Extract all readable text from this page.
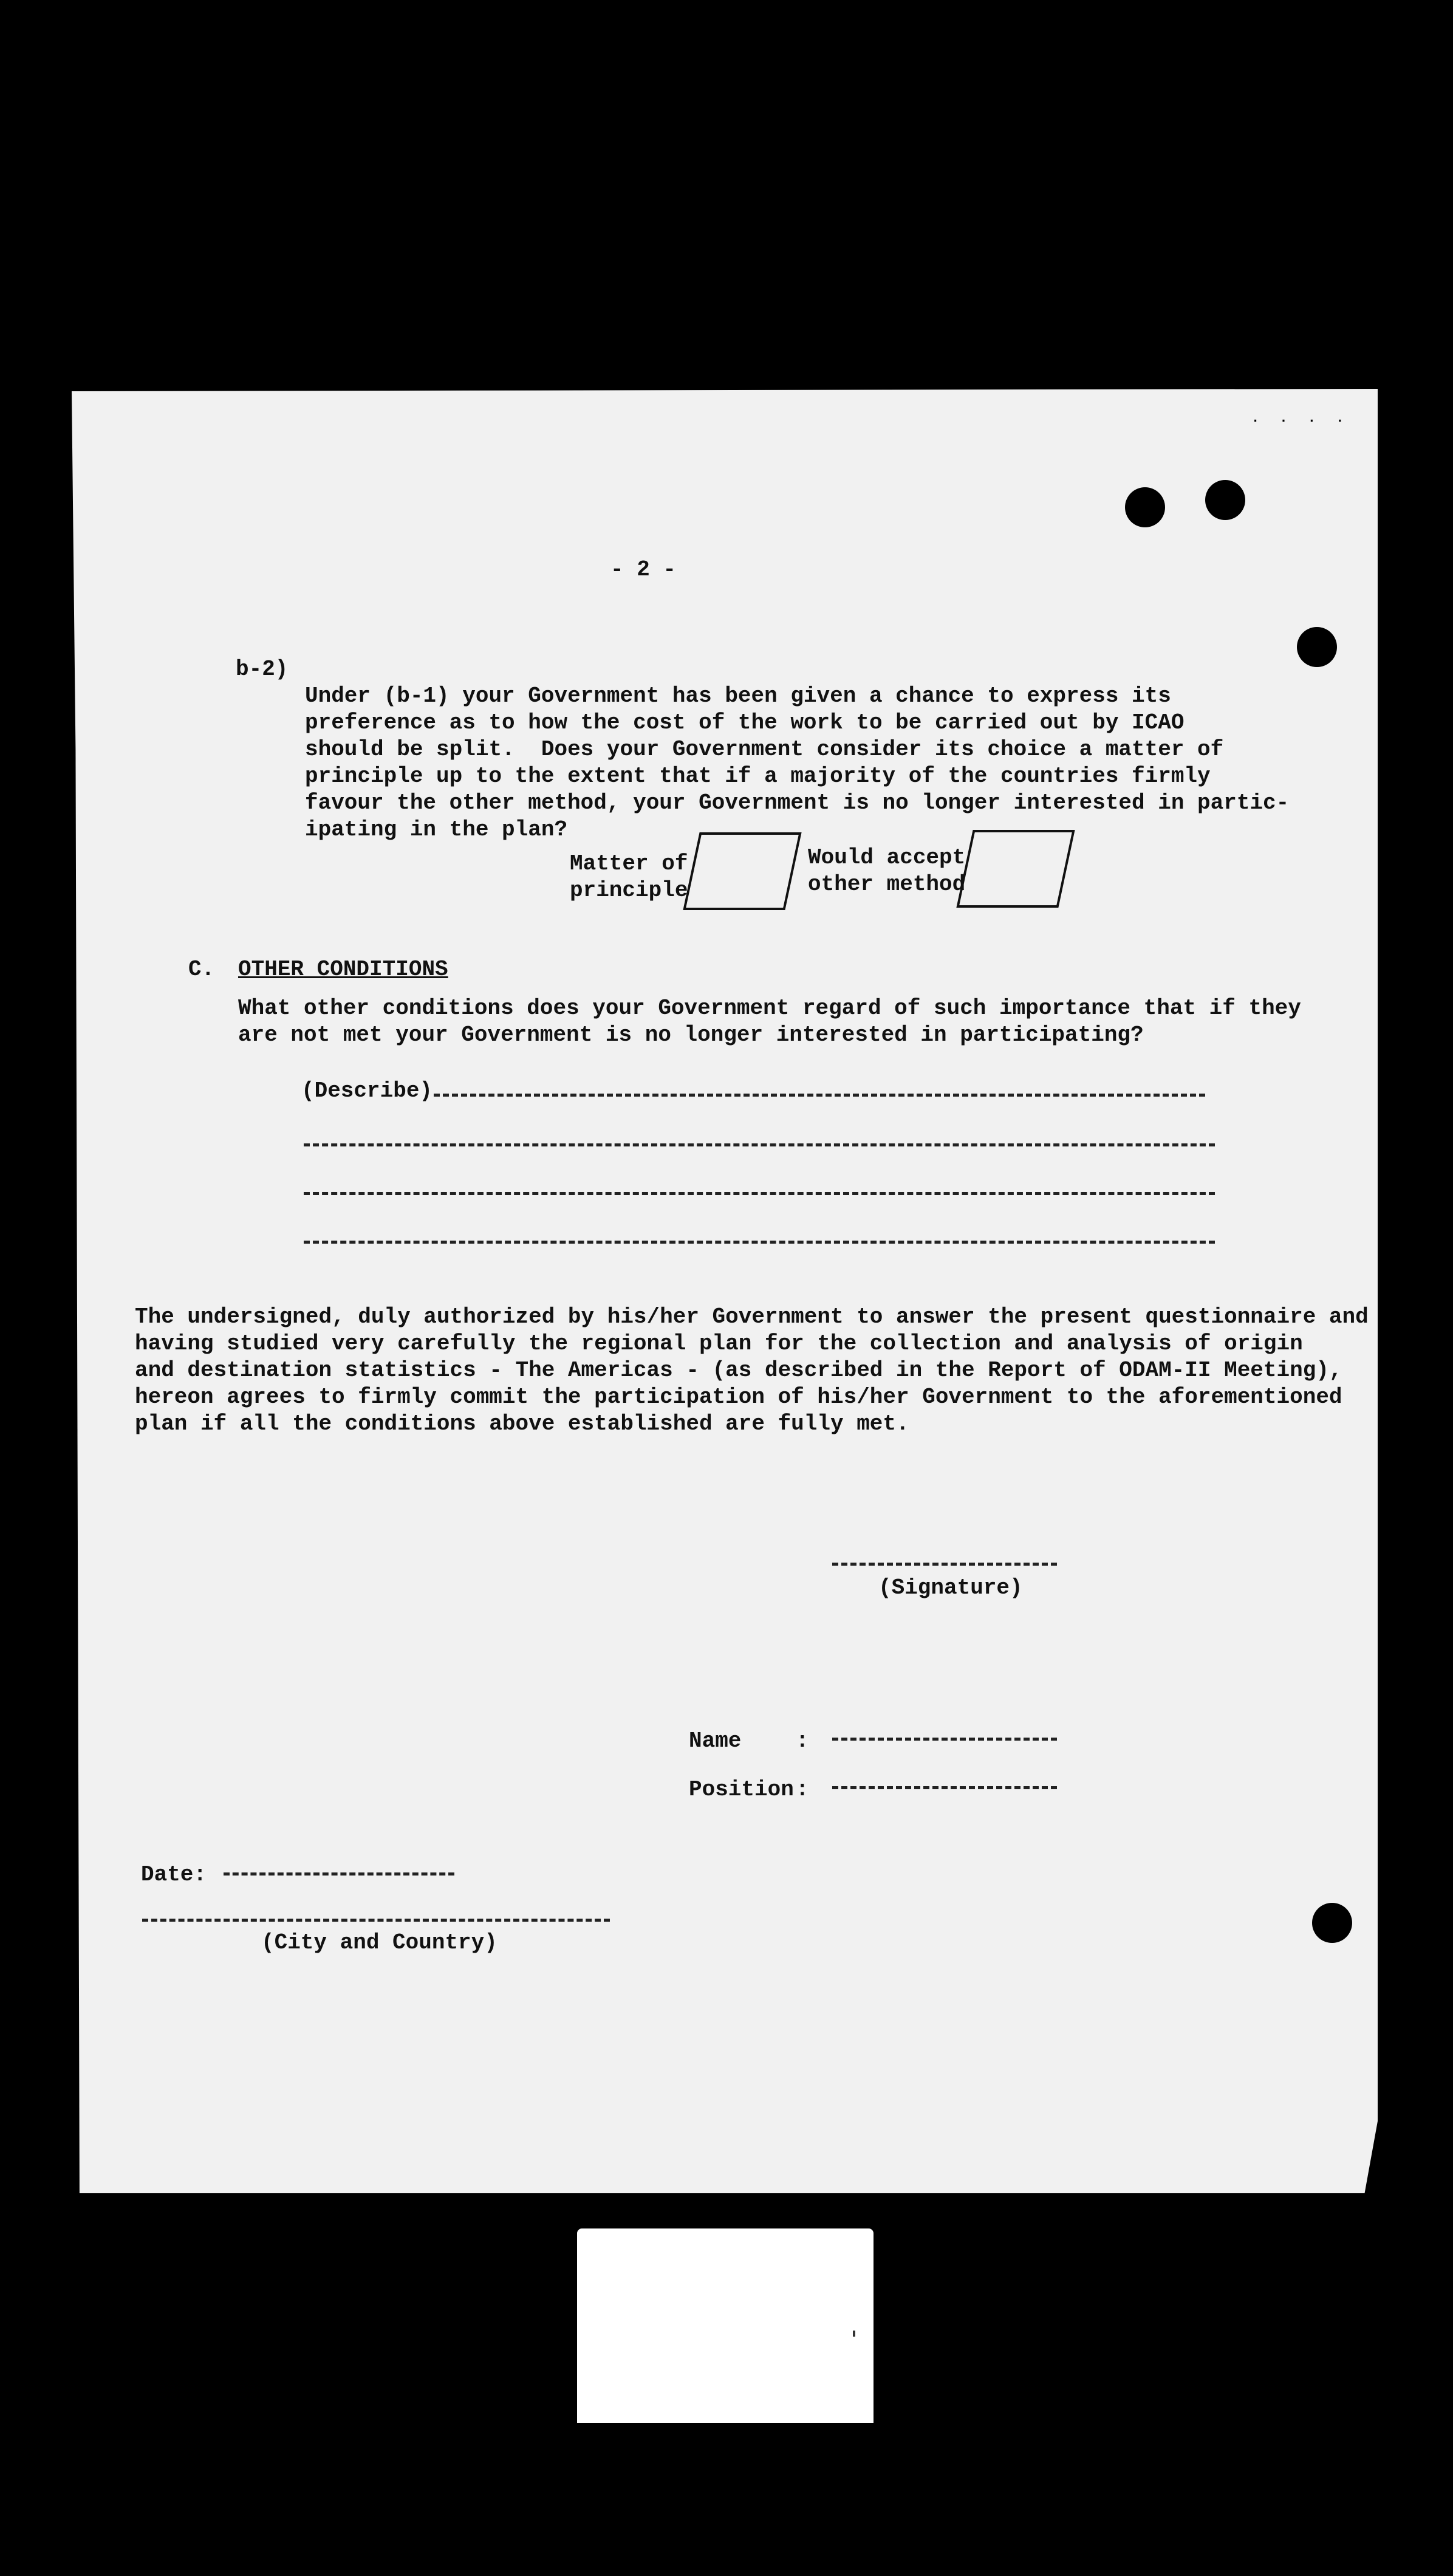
. . . .
- 2 -
b-2)

Under (b-1) your Government has been given a chance to express its
preference as to how the cost of the work to be carried out by ICAO
should be split.  Does your Government consider its choice a matter of
principle up to the extent that if a majority of the countries firmly
favour the other method, your Government is no longer interested in partic-
ipating in the plan?

Matter of
principle
Would accept
other method
C. OTHER CONDITIONS
What other conditions does your Government regard of such importance that if they
are not met your Government is no longer interested in participating?
(Describe)
The undersigned, duly authorized by his/her Government to answer the present questionnaire and
having studied very carefully the regional plan for the collection and analysis of origin
and destination statistics - The Americas - (as described in the Report of ODAM-II Meeting),
hereon agrees to firmly commit the participation of his/her Government to the aforementioned
plan if all the conditions above established are fully met.
(Signature)
Name :
Position :
Date:
(City and Country)
